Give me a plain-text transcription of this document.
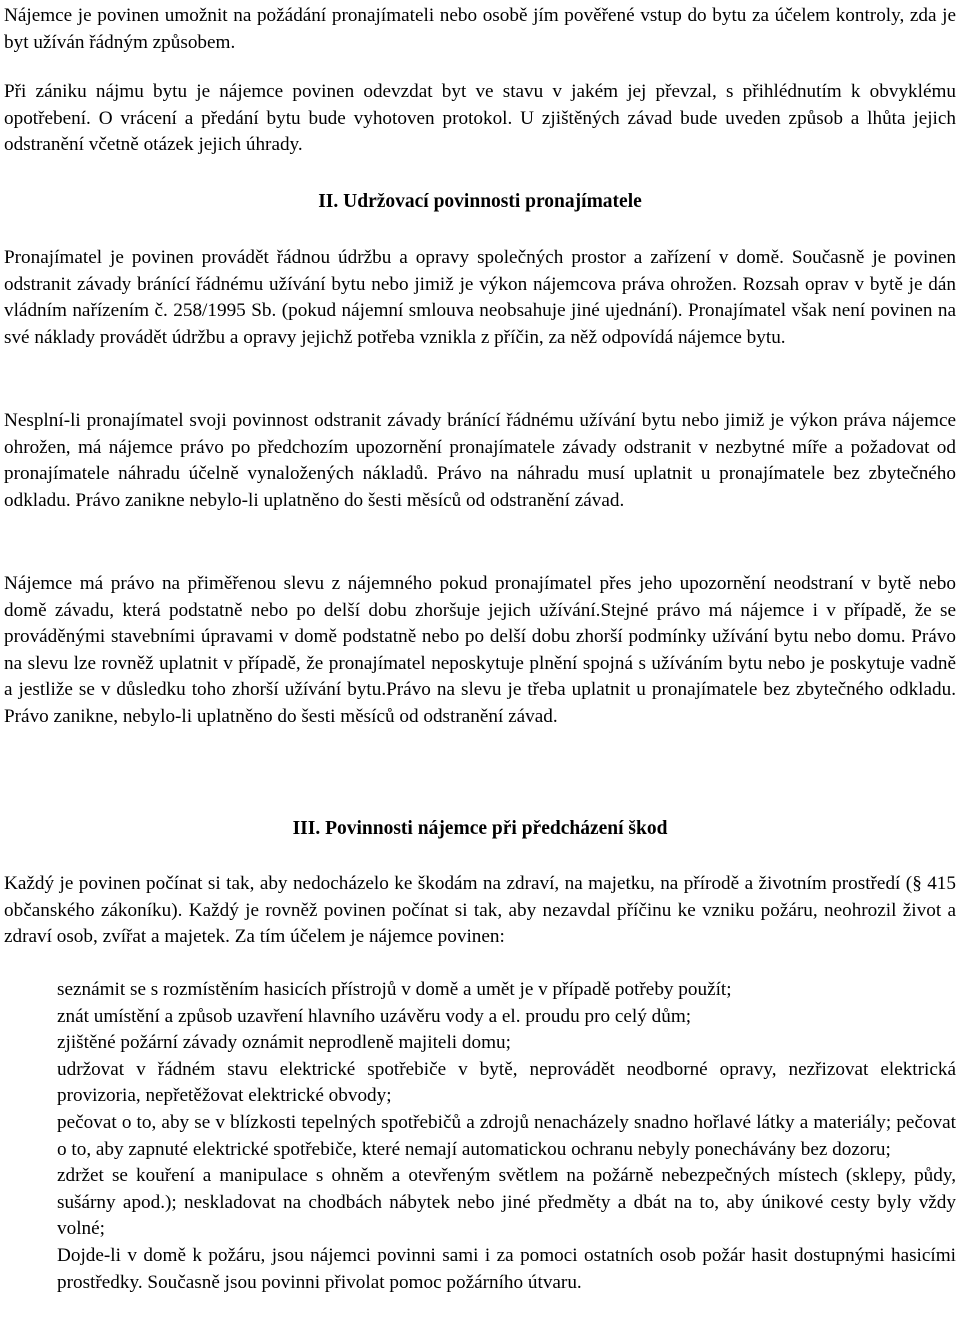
Nájemce je povinen umožnit na požádání pronajímateli nebo osobě jím pověřené vstup do bytu za účelem kontroly, zda je byt užíván řádným způsobem.

Při zániku nájmu bytu je nájemce povinen odevzdat byt ve stavu v jakém jej převzal, s přihlédnutím k obvyklému opotřebení. O vrácení a předání bytu bude vyhotoven protokol. U zjištěných závad bude uveden způsob a lhůta jejich odstranění včetně otázek jejich úhrady.

II. Udržovací povinnosti pronajímatele

Pronajímatel je povinen provádět řádnou údržbu a opravy společných prostor a zařízení v domě. Současně je povinen odstranit závady bránící řádnému užívání bytu nebo jimiž je výkon nájemcova práva ohrožen. Rozsah oprav v bytě je dán vládním nařízením č. 258/1995 Sb. (pokud nájemní smlouva neobsahuje jiné ujednání). Pronajímatel však není povinen na své náklady provádět údržbu a opravy jejichž potřeba vznikla z příčin, za něž odpovídá nájemce bytu.

Nesplní-li pronajímatel svoji povinnost odstranit závady bránící řádnému užívání bytu nebo jimiž je výkon práva nájemce ohrožen, má nájemce právo po předchozím upozornění pronajímatele závady odstranit v nezbytné míře a požadovat od pronajímatele náhradu účelně vynaložených nákladů. Právo na náhradu musí uplatnit u pronajímatele bez zbytečného odkladu. Právo zanikne nebylo-li uplatněno do šesti měsíců od odstranění závad.

Nájemce má právo na přiměřenou slevu z nájemného pokud pronajímatel přes jeho upozornění neodstraní v bytě nebo domě závadu, která podstatně nebo po delší dobu zhoršuje jejich užívání.Stejné právo má nájemce i v případě, že se prováděnými stavebními úpravami v domě podstatně nebo po delší dobu zhorší podmínky užívání bytu nebo domu. Právo na slevu lze rovněž uplatnit v případě, že pronajímatel neposkytuje plnění spojná s užíváním bytu nebo je poskytuje vadně a jestliže se v důsledku toho zhorší užívání bytu.Právo na slevu je třeba uplatnit u pronajímatele bez zbytečného odkladu. Právo zanikne, nebylo-li uplatněno do šesti měsíců od odstranění závad.

III. Povinnosti nájemce při předcházení škod

Každý je povinen počínat si tak, aby nedocházelo ke škodám na zdraví, na majetku, na přírodě a životním prostředí (§ 415 občanského zákoníku). Každý je rovněž povinen počínat si tak, aby nezavdal příčinu ke vzniku požáru, neohrozil život a zdraví osob, zvířat a majetek. Za tím účelem je nájemce povinen:

seznámit se s rozmístěním hasicích přístrojů v domě a umět je v případě potřeby použít;
znát umístění a způsob uzavření hlavního uzávěru vody a el. proudu pro celý dům;
zjištěné požární závady oznámit neprodleně majiteli domu;
udržovat v řádném stavu elektrické spotřebiče v bytě, neprovádět neodborné opravy, nezřizovat elektrická provizoria, nepřetěžovat elektrické obvody;
pečovat o to, aby se v blízkosti tepelných spotřebičů a zdrojů nenacházely snadno hořlavé látky a materiály; pečovat o to, aby zapnuté elektrické spotřebiče, které nemají automatickou ochranu nebyly ponechávány bez dozoru;
zdržet se kouření a manipulace s ohněm a otevřeným světlem na požárně nebezpečných místech (sklepy, půdy, sušárny apod.); neskladovat na chodbách nábytek nebo jiné předměty a dbát na to, aby únikové cesty byly vždy volné;
Dojde-li v domě k požáru, jsou nájemci povinni sami i za pomoci ostatních osob požár hasit dostupnými hasicími prostředky. Současně jsou povinni přivolat pomoc požárního útvaru.
